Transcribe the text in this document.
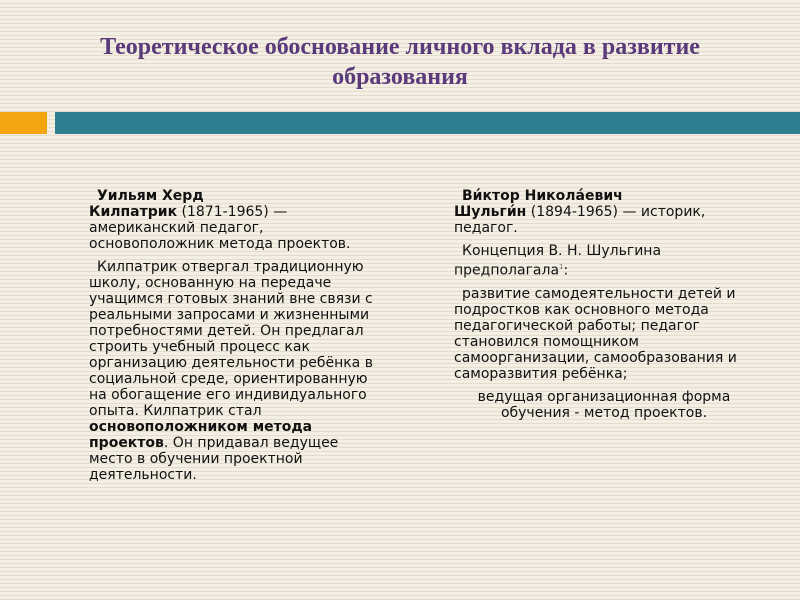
Теоретическое обоснование личного вклада в развитие образования

Уильям Херд
Килпатрик (1871-1965) — американский педагог, основоположник метода проектов.

Килпатрик отвергал традиционную школу, основанную на передаче учащимся готовых знаний вне связи с реальными запросами и жизненными потребностями детей. Он предлагал строить учебный процесс как организацию деятельности ребёнка в социальной среде, ориентированную на обогащение его индивидуального опыта. Килпатрик стал основоположником метода проектов. Он придавал ведущее место в обучении проектной деятельности.

Ви́ктор Никола́евич
Шульги́н (1894-1965) — историк, педагог.

Концепция В. Н. Шульгина предполагала$^1$:

развитие самодеятельности детей и подростков как основного метода педагогической работы; педагог становился помощником самоорганизации, самообразования и саморазвития ребёнка;

ведущая организационная форма обучения - метод проектов.
